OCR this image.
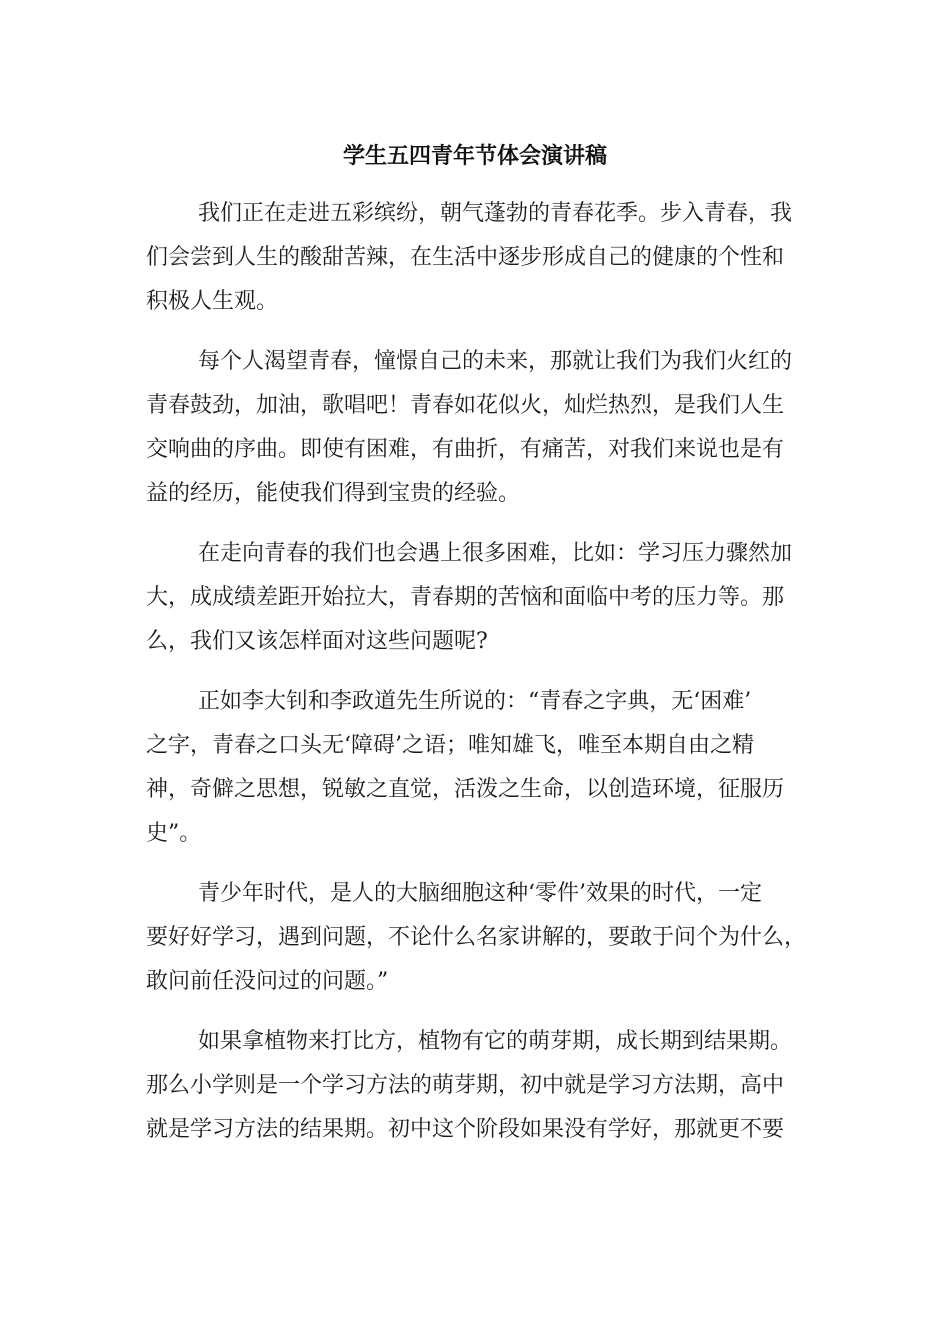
学生五四青年节体会演讲稿

我们正在走进五彩缤纷，朝气蓬勃的青春花季。步入青春，我
们会尝到人生的酸甜苦辣，在生活中逐步形成自己的健康的个性和
积极人生观。

每个人渴望青春，憧憬自己的未来，那就让我们为我们火红的
青春鼓劲，加油，歌唱吧！青春如花似火，灿烂热烈，是我们人生
交响曲的序曲。即使有困难，有曲折，有痛苦，对我们来说也是有
益的经历，能使我们得到宝贵的经验。

在走向青春的我们也会遇上很多困难，比如：学习压力骤然加
大，成成绩差距开始拉大，青春期的苦恼和面临中考的压力等。那
么，我们又该怎样面对这些问题呢?

正如李大钊和李政道先生所说的：“青春之字典，无‘困难’
之字，青春之口头无‘障碍’之语；唯知雄飞，唯至本期自由之精
神，奇僻之思想，锐敏之直觉，活泼之生命，以创造环境，征服历
史”。

青少年时代，是人的大脑细胞这种‘零件’效果的时代，一定
要好好学习，遇到问题，不论什么名家讲解的，要敢于问个为什么，
敢问前任没问过的问题。”

如果拿植物来打比方，植物有它的萌芽期，成长期到结果期。
那么小学则是一个学习方法的萌芽期，初中就是学习方法期，高中
就是学习方法的结果期。初中这个阶段如果没有学好，那就更不要
